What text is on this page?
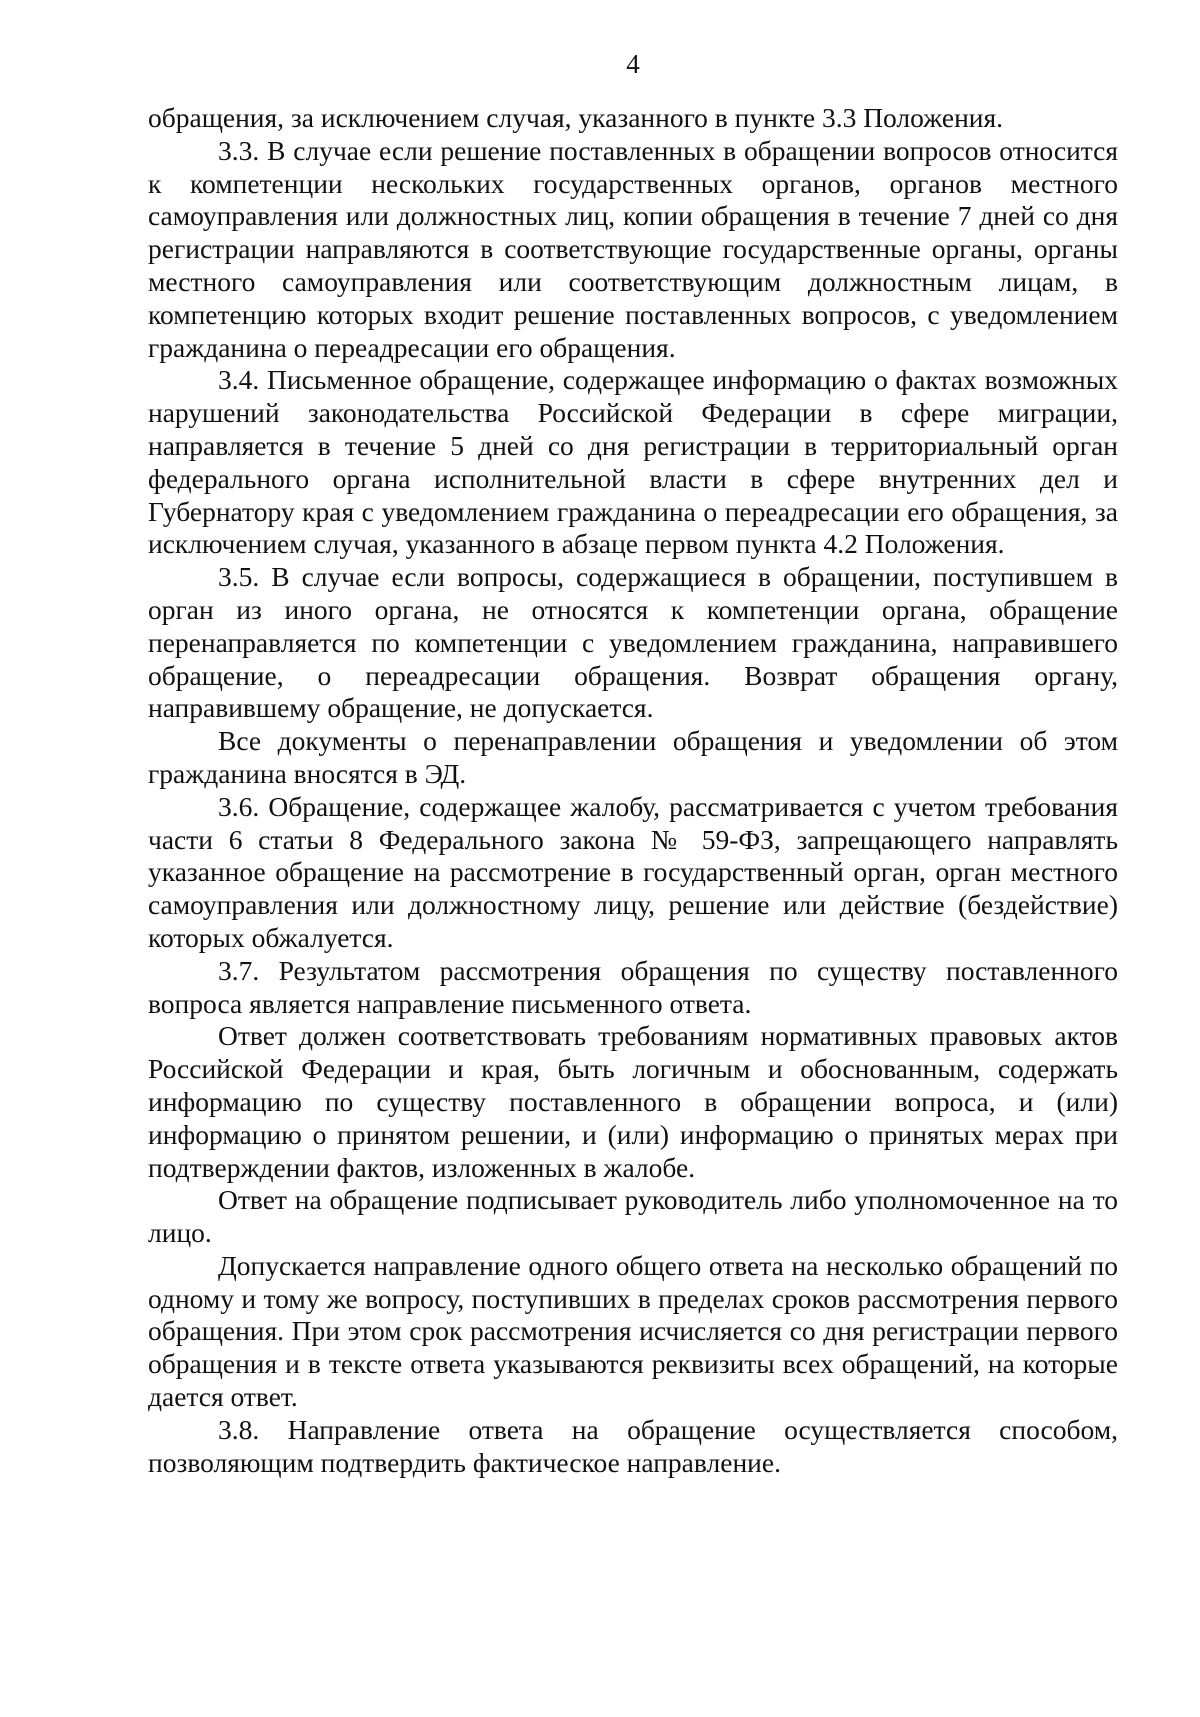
4

обращения, за исключением случая, указанного в пункте 3.3 Положения.

3.3. В случае если решение поставленных в обращении вопросов относится к компетенции нескольких государственных органов, органов местного самоуправления или должностных лиц, копии обращения в течение 7 дней со дня регистрации направляются в соответствующие государственные органы, органы местного самоуправления или соответствующим должностным лицам, в компетенцию которых входит решение поставленных вопросов, с уведомлением гражданина о переадресации его обращения.

3.4. Письменное обращение, содержащее информацию о фактах возможных нарушений законодательства Российской Федерации в сфере миграции, направляется в течение 5 дней со дня регистрации в территориальный орган федерального органа исполнительной власти в сфере внутренних дел и Губернатору края с уведомлением гражданина о переадресации его обращения, за исключением случая, указанного в абзаце первом пункта 4.2 Положения.

3.5. В случае если вопросы, содержащиеся в обращении, поступившем в орган из иного органа, не относятся к компетенции органа, обращение перенаправляется по компетенции с уведомлением гражданина, направившего обращение, о переадресации обращения. Возврат обращения органу, направившему обращение, не допускается.

Все документы о перенаправлении обращения и уведомлении об этом гражданина вносятся в ЭД.

3.6. Обращение, содержащее жалобу, рассматривается с учетом требования части 6 статьи 8 Федерального закона № 59-ФЗ, запрещающего направлять указанное обращение на рассмотрение в государственный орган, орган местного самоуправления или должностному лицу, решение или действие (бездействие) которых обжалуется.

3.7. Результатом рассмотрения обращения по существу поставленного вопроса является направление письменного ответа.

Ответ должен соответствовать требованиям нормативных правовых актов Российской Федерации и края, быть логичным и обоснованным, содержать информацию по существу поставленного в обращении вопроса, и (или) информацию о принятом решении, и (или) информацию о принятых мерах при подтверждении фактов, изложенных в жалобе.

Ответ на обращение подписывает руководитель либо уполномоченное на то лицо.

Допускается направление одного общего ответа на несколько обращений по одному и тому же вопросу, поступивших в пределах сроков рассмотрения первого обращения. При этом срок рассмотрения исчисляется со дня регистрации первого обращения и в тексте ответа указываются реквизиты всех обращений, на которые дается ответ.

3.8. Направление ответа на обращение осуществляется способом, позволяющим подтвердить фактическое направление.
